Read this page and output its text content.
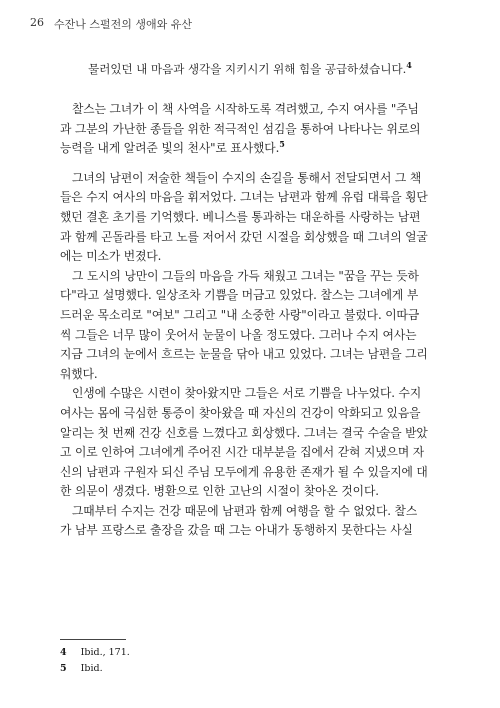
26 수잔나 스펄전의 생애와 유산
물러있던 내 마음과 생각을 지키시기 위해 힘을 공급하셨습니다.$^4$
찰스는 그녀가 이 책 사역을 시작하도록 격려했고, 수지 여사를 "주님
과 그분의 가난한 종들을 위한 적극적인 섬김을 통하여 나타나는 위로의
능력을 내게 알려준 빛의 천사"로 표사했다.$^5$
그녀의 남편이 저술한 책들이 수지의 손길을 통해서 전달되면서 그 책
들은 수지 여사의 마음을 휘저었다. 그녀는 남편과 함께 유럽 대륙을 횡단
했던 결혼 초기를 기억했다. 베니스를 통과하는 대운하를 사랑하는 남편
과 함께 곤돌라를 타고 노를 저어서 갔던 시절을 회상했을 때 그녀의 얼굴
에는 미소가 번졌다.
그 도시의 낭만이 그들의 마음을 가득 채웠고 그녀는 "꿈을 꾸는 듯하
다"라고 설명했다. 일상조차 기쁨을 머금고 있었다. 찰스는 그녀에게 부
드러운 목소리로 "여보" 그리고 "내 소중한 사랑"이라고 불렀다. 이따금
씩 그들은 너무 많이 웃어서 눈물이 나올 정도였다. 그러나 수지 여사는
지금 그녀의 눈에서 흐르는 눈물을 닦아 내고 있었다. 그녀는 남편을 그리
워했다.
인생에 수많은 시련이 찾아왔지만 그들은 서로 기쁨을 나누었다. 수지
여사는 몸에 극심한 통증이 찾아왔을 때 자신의 건강이 악화되고 있음을
알리는 첫 번째 건강 신호를 느꼈다고 회상했다. 그녀는 결국 수술을 받았
고 이로 인하여 그녀에게 주어진 시간 대부분을 집에서 갇혀 지냈으며 자
신의 남편과 구원자 되신 주님 모두에게 유용한 존재가 될 수 있을지에 대
한 의문이 생겼다. 병환으로 인한 고난의 시절이 찾아온 것이다.
그때부터 수지는 건강 때문에 남편과 함께 여행을 할 수 없었다. 찰스
가 남부 프랑스로 출장을 갔을 때 그는 아내가 동행하지 못한다는 사실
4 Ibid., 171.
5 Ibid.
